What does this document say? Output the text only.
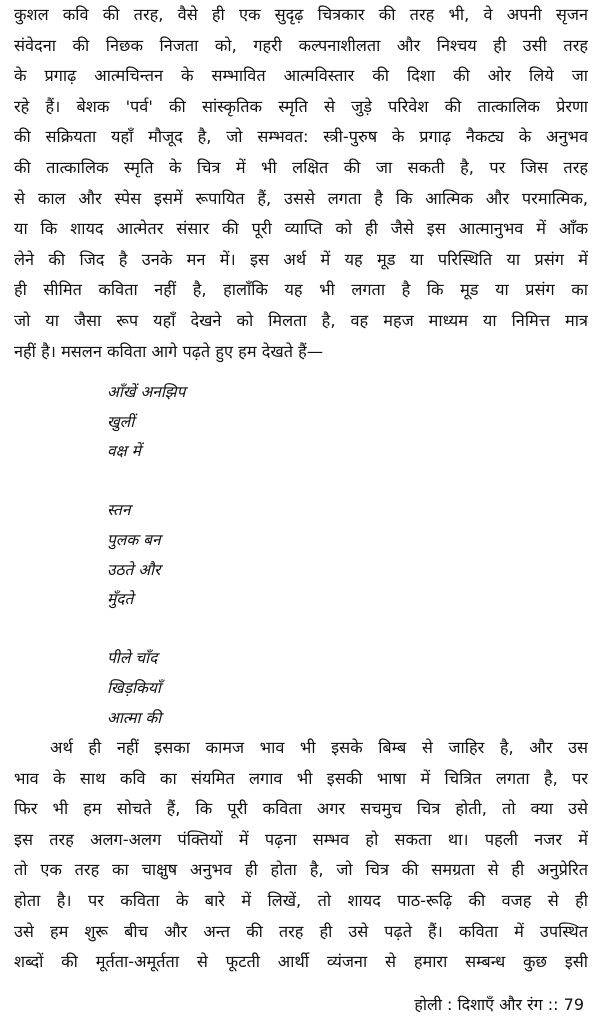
कुशल कवि की तरह, वैसे ही एक सुदृढ़ चित्रकार की तरह भी, वे अपनी सृजन
संवेदना की निछक निजता को, गहरी कल्पनाशीलता और निश्चय ही उसी तरह
के प्रगाढ़ आत्मचिन्तन के सम्भावित आत्मविस्तार की दिशा की ओर लिये जा
रहे हैं। बेशक 'पर्व' की सांस्कृतिक स्मृति से जुड़े परिवेश की तात्कालिक प्रेरणा
की सक्रियता यहाँ मौजूद है, जो सम्भवत: स्त्री-पुरुष के प्रगाढ़ नैकट्य के अनुभव
की तात्कालिक स्मृति के चित्र में भी लक्षित की जा सकती है, पर जिस तरह
से काल और स्पेस इसमें रूपायित हैं, उससे लगता है कि आत्मिक और परमात्मिक,
या कि शायद आत्मेतर संसार की पूरी व्याप्ति को ही जैसे इस आत्मानुभव में आँक
लेने की जिद है उनके मन में। इस अर्थ में यह मूड या परिस्थिति या प्रसंग में
ही सीमित कविता नहीं है, हालाँकि यह भी लगता है कि मूड या प्रसंग का
जो या जैसा रूप यहाँ देखने को मिलता है, वह महज माध्यम या निमित्त मात्र
नहीं है। मसलन कविता आगे पढ़ते हुए हम देखते हैं—
आँखें अनझिप
खुलीं
वक्ष में
स्तन
पुलक बन
उठते और
मुँदते
पीले चाँद
खिड़कियाँ
आत्मा की
अर्थ ही नहीं इसका कामज भाव भी इसके बिम्ब से जाहिर है, और उस
भाव के साथ कवि का संयमित लगाव भी इसकी भाषा में चित्रित लगता है, पर
फिर भी हम सोचते हैं, कि पूरी कविता अगर सचमुच चित्र होती, तो क्या उसे
इस तरह अलग-अलग पंक्तियों में पढ़ना सम्भव हो सकता था। पहली नजर में
तो एक तरह का चाक्षुष अनुभव ही होता है, जो चित्र की समग्रता से ही अनुप्रेरित
होता है। पर कविता के बारे में लिखें, तो शायद पाठ-रूढ़ि की वजह से ही
उसे हम शुरू बीच और अन्त की तरह ही उसे पढ़ते हैं। कविता में उपस्थित
शब्दों की मूर्तता-अमूर्तता से फूटती आर्थी व्यंजना से हमारा सम्बन्ध कुछ इसी
होली : दिशाएँ और रंग :: 79
